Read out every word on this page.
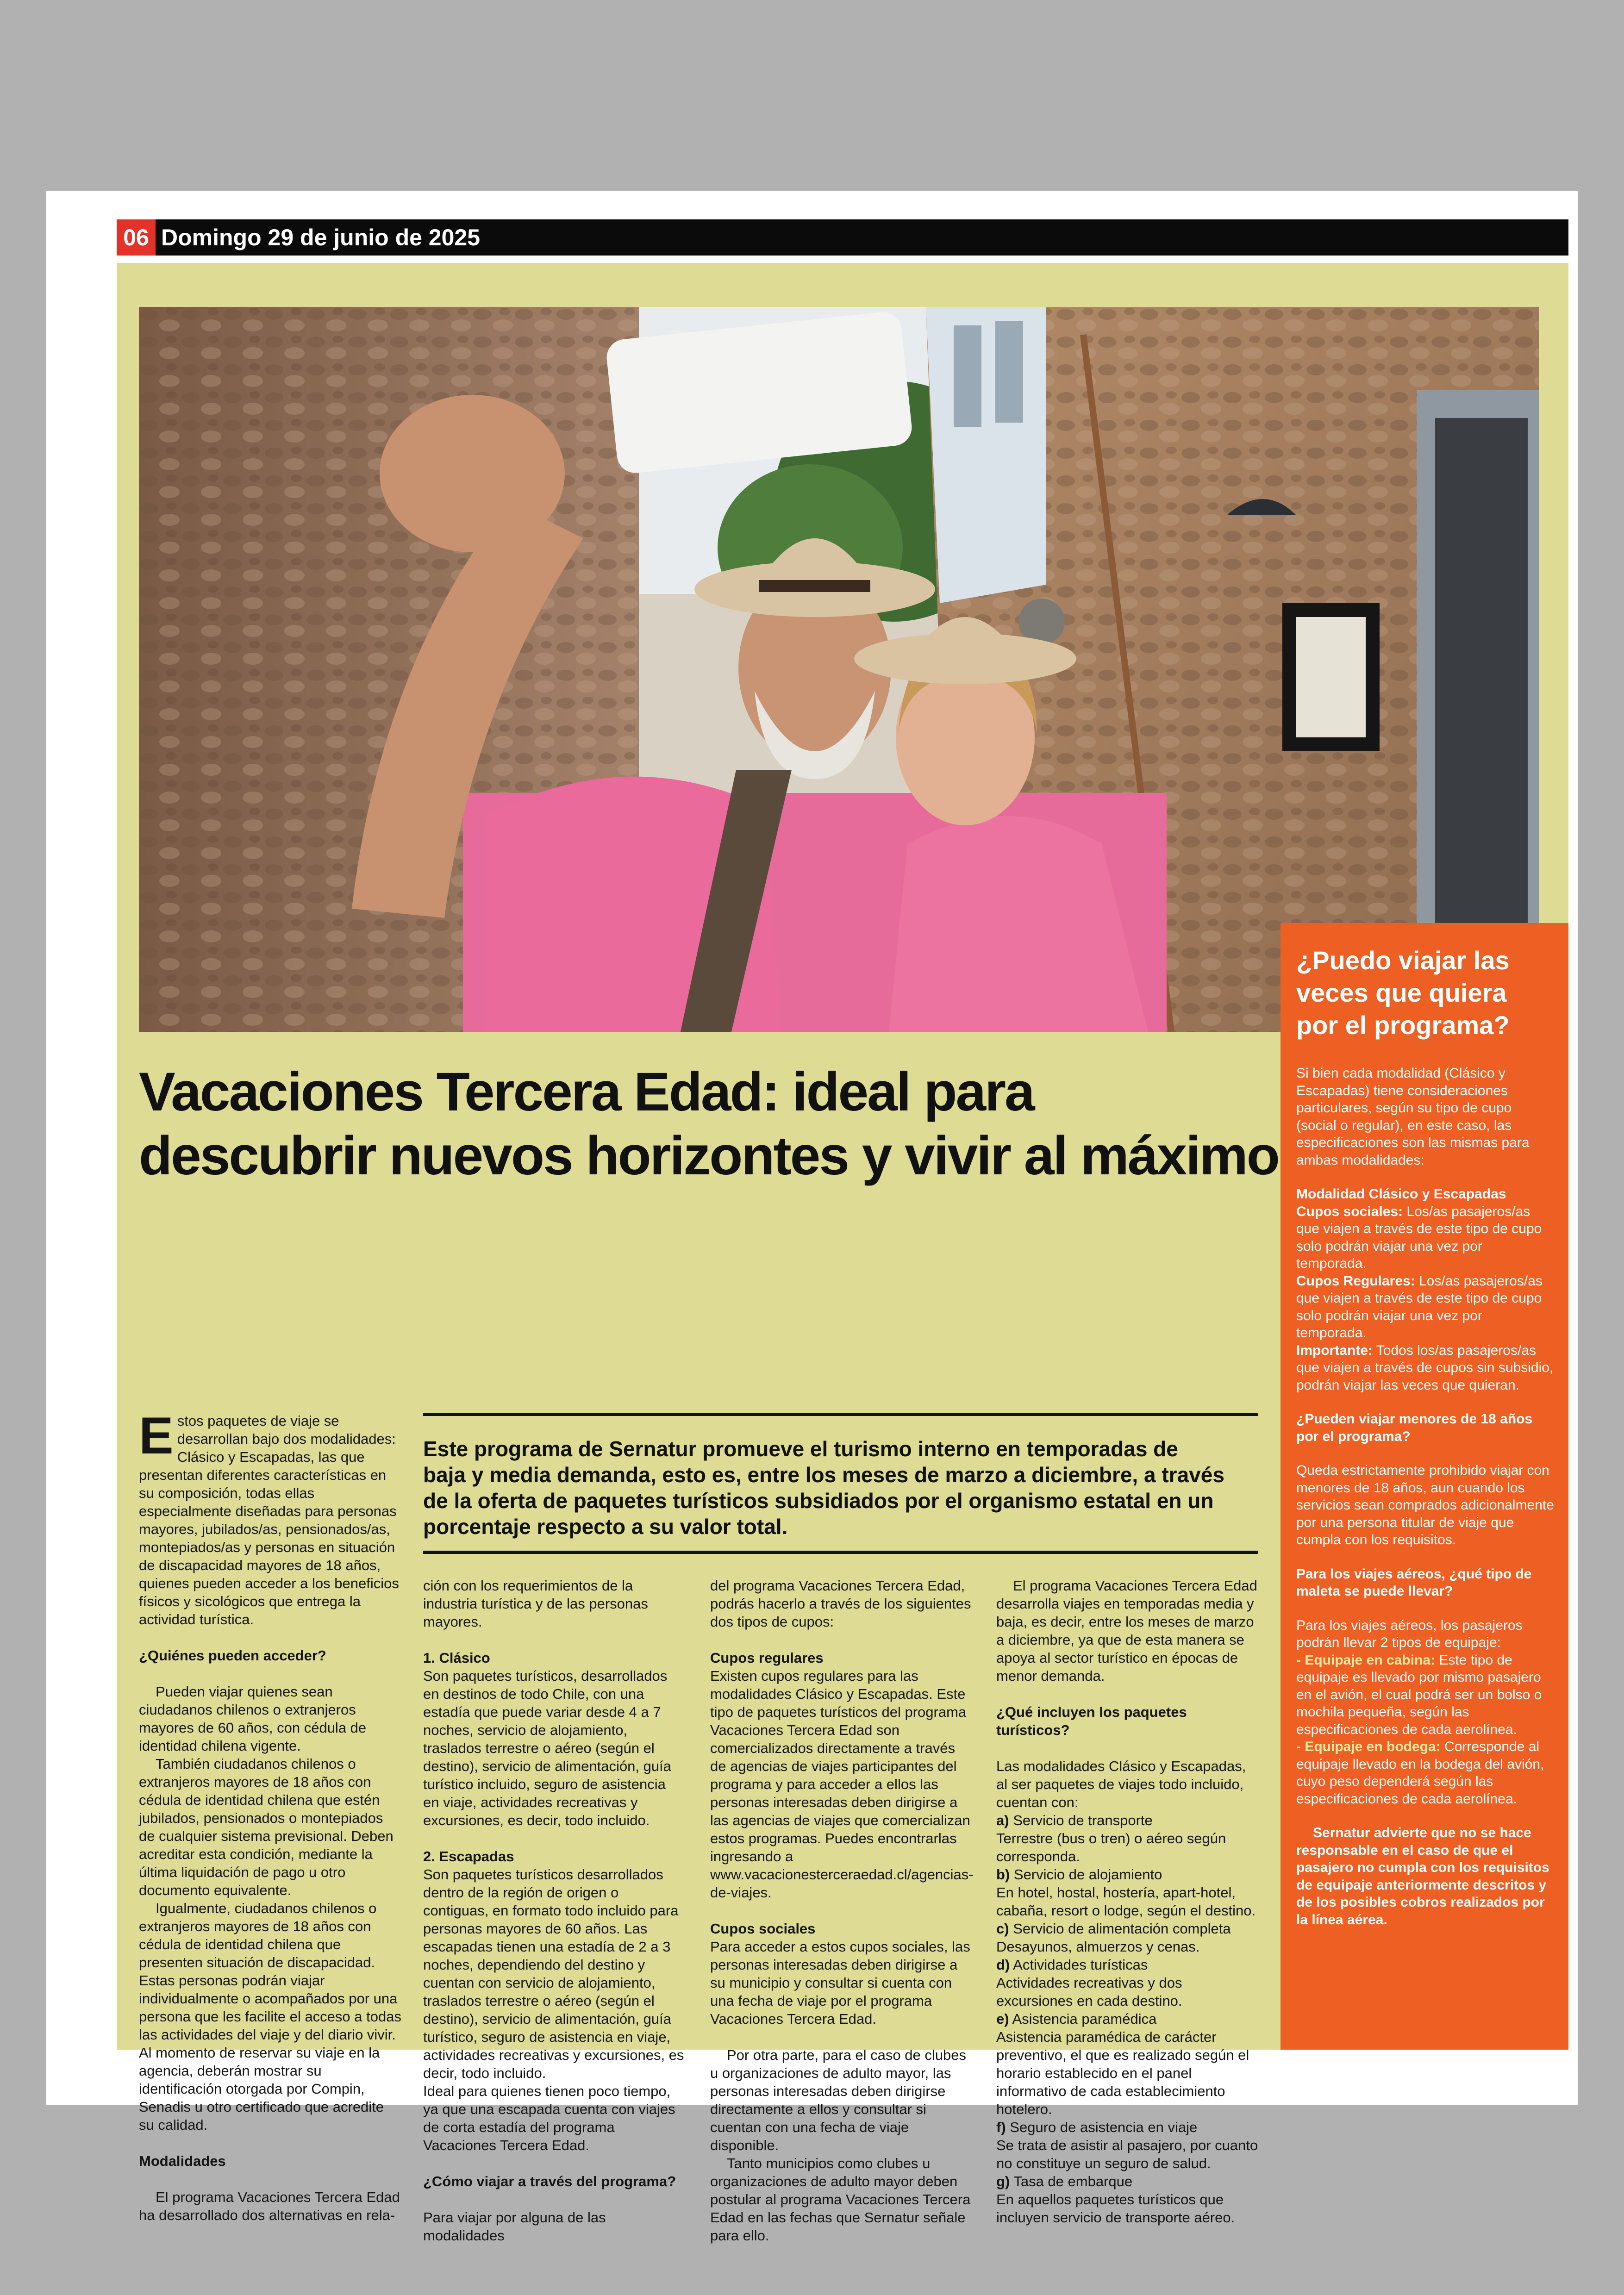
06 Domingo 29 de junio de 2025
¿Puedo viajar las veces que quiera por el programa?

Si bien cada modalidad (Clásico y Escapadas) tiene consideraciones particulares, según su tipo de cupo (social o regular), en este caso, las especificaciones son las mismas para ambas modalidades:

Modalidad Clásico y Escapadas

Cupos sociales: Los/as pasajeros/as que viajen a través de este tipo de cupo solo podrán viajar una vez por temporada.

Cupos Regulares: Los/as pasajeros/as que viajen a través de este tipo de cupo solo podrán viajar una vez por temporada.

Importante: Todos los/as pasajeros/as que viajen a través de cupos sin subsidio, podrán viajar las veces que quieran.

¿Pueden viajar menores de 18 años por el programa?

Queda estrictamente prohibido viajar con menores de 18 años, aun cuando los servicios sean comprados adicionalmente por una persona titular de viaje que cumpla con los requisitos.

Para los viajes aéreos, ¿qué tipo de maleta se puede llevar?

Para los viajes aéreos, los pasajeros podrán llevar 2 tipos de equipaje:

- Equipaje en cabina: Este tipo de equipaje es llevado por mismo pasajero en el avión, el cual podrá ser un bolso o mochila pequeña, según las especificaciones de cada aerolínea.

- Equipaje en bodega: Corresponde al equipaje llevado en la bodega del avión, cuyo peso dependerá según las especificaciones de cada aerolínea.

Sernatur advierte que no se hace responsable en el caso de que el pasajero no cumpla con los requisitos de equipaje anteriormente descritos y de los posibles cobros realizados por la línea aérea.

Vacaciones Tercera Edad: ideal para
descubrir nuevos horizontes y vivir al máximo
Este programa de Sernatur promueve el turismo interno en temporadas de
baja y media demanda, esto es, entre los meses de marzo a diciembre, a través
de la oferta de paquetes turísticos subsidiados por el organismo estatal en un
porcentaje respecto a su valor total.

Estos paquetes de viaje se desarrollan bajo dos modalidades: Clásico y Escapadas, las que presentan diferentes características en su composición, todas ellas especialmente diseñadas para personas mayores, jubilados/as, pensionados/as, montepiados/as y personas en situación de discapacidad mayores de 18 años, quienes pueden acceder a los beneficios físicos y sicológicos que entrega la actividad turística.

¿Quiénes pueden acceder?

Pueden viajar quienes sean ciudadanos chilenos o extranjeros mayores de 60 años, con cédula de identidad chilena vigente.

También ciudadanos chilenos o extranjeros mayores de 18 años con cédula de identidad chilena que estén jubilados, pensionados o montepiados de cualquier sistema previsional. Deben acreditar esta condición, mediante la última liquidación de pago u otro documento equivalente.

Igualmente, ciudadanos chilenos o extranjeros mayores de 18 años con cédula de identidad chilena que presenten situación de discapacidad. Estas personas podrán viajar individualmente o acompañados por una persona que les facilite el acceso a todas las actividades del viaje y del diario vivir. Al momento de reservar su viaje en la agencia, deberán mostrar su identificación otorgada por Compin, Senadis u otro certificado que acredite su calidad.

Modalidades

El programa Vacaciones Tercera Edad ha desarrollado dos alternativas en rela-

ción con los requerimientos de la industria turística y de las personas mayores.

1. Clásico

Son paquetes turísticos, desarrollados en destinos de todo Chile, con una estadía que puede variar desde 4 a 7 noches, servicio de alojamiento, traslados terrestre o aéreo (según el destino), servicio de alimentación, guía turístico incluido, seguro de asistencia en viaje, actividades recreativas y excursiones, es decir, todo incluido.

2. Escapadas

Son paquetes turísticos desarrollados dentro de la región de origen o contiguas, en formato todo incluido para personas mayores de 60 años. Las escapadas tienen una estadía de 2 a 3 noches, dependiendo del destino y cuentan con servicio de alojamiento, traslados terrestre o aéreo (según el destino), servicio de alimentación, guía turístico, seguro de asistencia en viaje, actividades recreativas y excursiones, es decir, todo incluido.

Ideal para quienes tienen poco tiempo, ya que una escapada cuenta con viajes de corta estadía del programa Vacaciones Tercera Edad.

¿Cómo viajar a través del programa?

Para viajar por alguna de las modalidades

del programa Vacaciones Tercera Edad, podrás hacerlo a través de los siguientes dos tipos de cupos:

Cupos regulares

Existen cupos regulares para las modalidades Clásico y Escapadas. Este tipo de paquetes turísticos del programa Vacaciones Tercera Edad son comercializados directamente a través de agencias de viajes participantes del programa y para acceder a ellos las personas interesadas deben dirigirse a las agencias de viajes que comercializan estos programas. Puedes encontrarlas ingresando a www.vacacionesterceraedad.cl/agencias-de-viajes.

Cupos sociales

Para acceder a estos cupos sociales, las personas interesadas deben dirigirse a su municipio y consultar si cuenta con una fecha de viaje por el programa Vacaciones Tercera Edad.

Por otra parte, para el caso de clubes u organizaciones de adulto mayor, las personas interesadas deben dirigirse directamente a ellos y consultar si cuentan con una fecha de viaje disponible.

Tanto municipios como clubes u organizaciones de adulto mayor deben postular al programa Vacaciones Tercera Edad en las fechas que Sernatur señale para ello.

El programa Vacaciones Tercera Edad desarrolla viajes en temporadas media y baja, es decir, entre los meses de marzo a diciembre, ya que de esta manera se apoya al sector turístico en épocas de menor demanda.

¿Qué incluyen los paquetes turísticos?

Las modalidades Clásico y Escapadas, al ser paquetes de viajes todo incluido, cuentan con:

a) Servicio de transporte

Terrestre (bus o tren) o aéreo según corresponda.

b) Servicio de alojamiento

En hotel, hostal, hostería, apart-hotel, cabaña, resort o lodge, según el destino.

c) Servicio de alimentación completa

Desayunos, almuerzos y cenas.

d) Actividades turísticas

Actividades recreativas y dos excursiones en cada destino.

e) Asistencia paramédica

Asistencia paramédica de carácter preventivo, el que es realizado según el horario establecido en el panel informativo de cada establecimiento hotelero.

f) Seguro de asistencia en viaje

Se trata de asistir al pasajero, por cuanto no constituye un seguro de salud.

g) Tasa de embarque

En aquellos paquetes turísticos que incluyen servicio de transporte aéreo.
